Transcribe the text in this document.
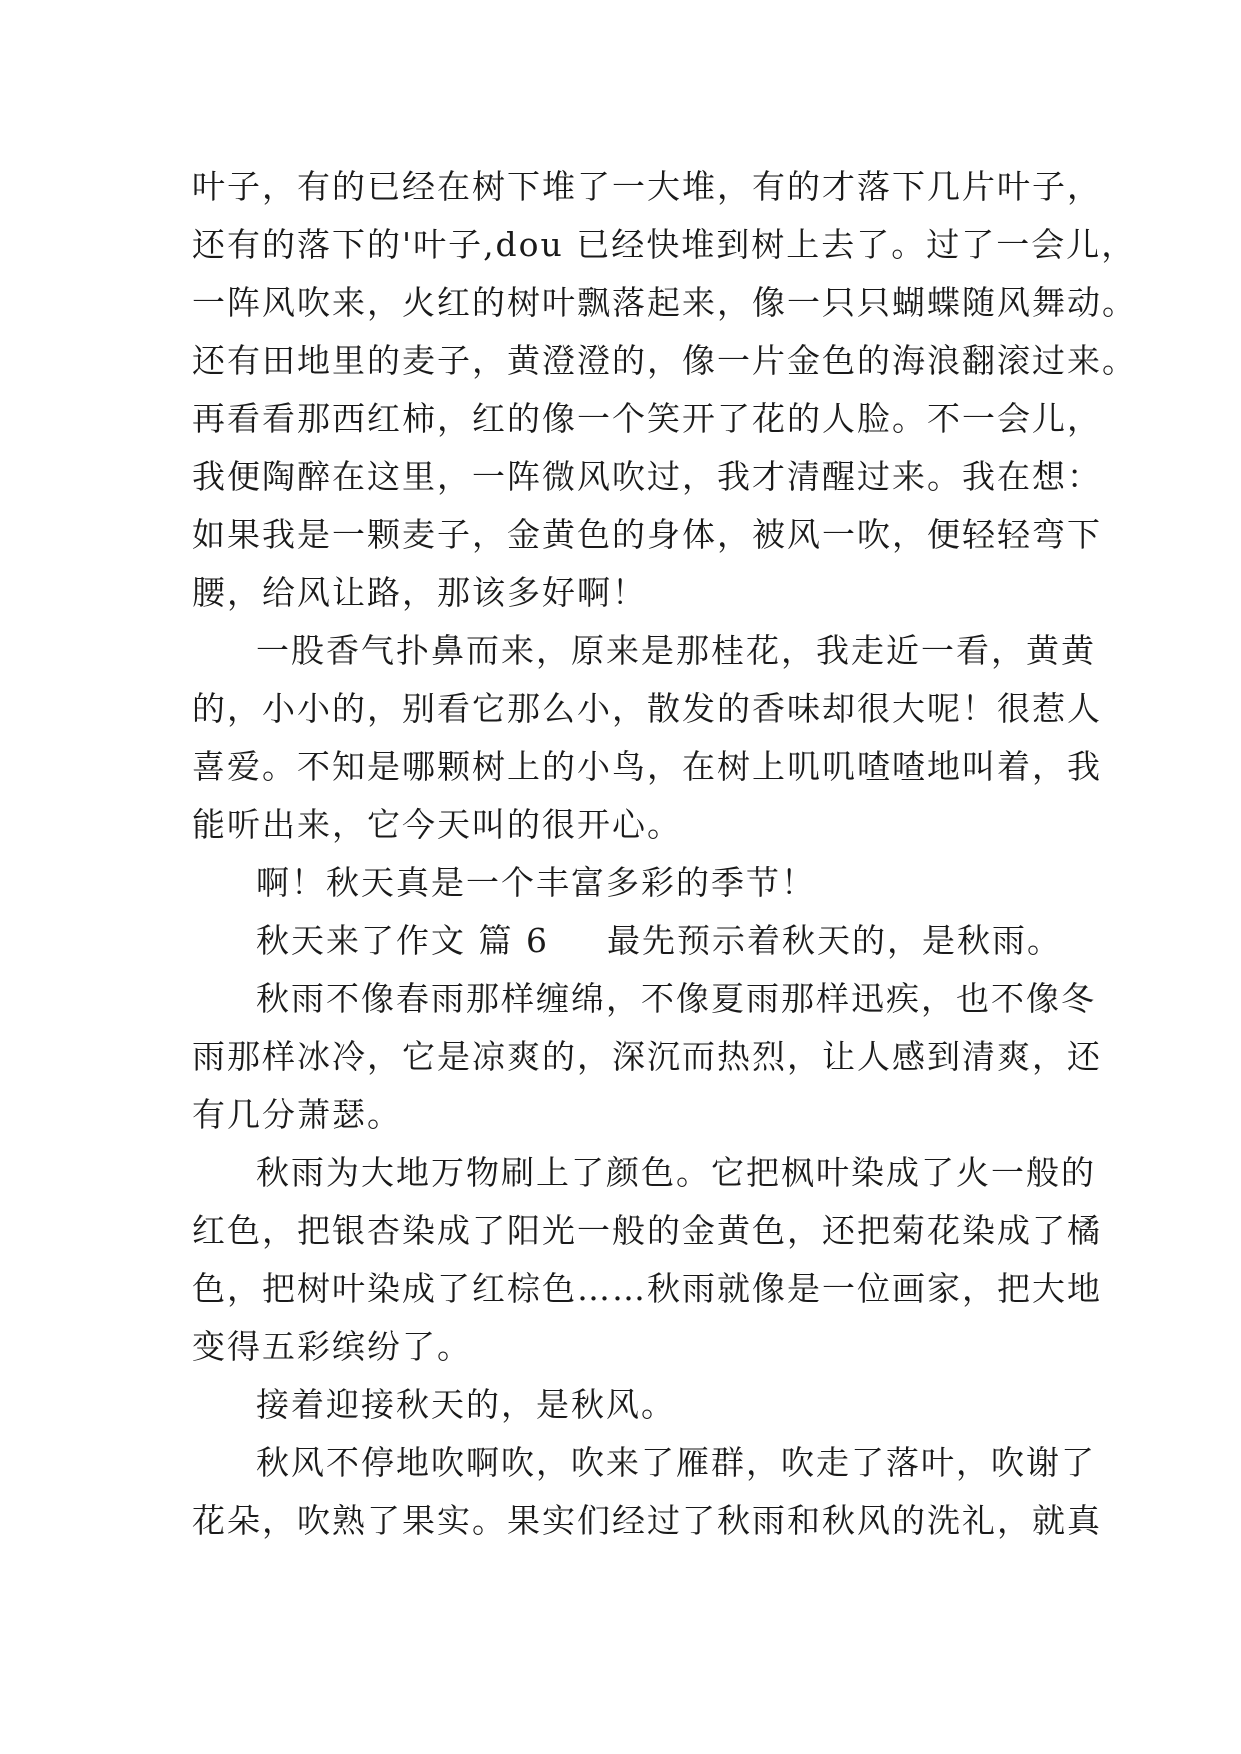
叶子，有的已经在树下堆了一大堆，有的才落下几片叶子，
还有的落下的'叶子,dou 已经快堆到树上去了。过了一会儿，
一阵风吹来，火红的树叶飘落起来，像一只只蝴蝶随风舞动。
还有田地里的麦子，黄澄澄的，像一片金色的海浪翻滚过来。
再看看那西红柿，红的像一个笑开了花的人脸。不一会儿，
我便陶醉在这里，一阵微风吹过，我才清醒过来。我在想：
如果我是一颗麦子，金黄色的身体，被风一吹，便轻轻弯下
腰，给风让路，那该多好啊！
一股香气扑鼻而来，原来是那桂花，我走近一看，黄黄
的，小小的，别看它那么小，散发的香味却很大呢！很惹人
喜爱。不知是哪颗树上的小鸟，在树上叽叽喳喳地叫着，我
能听出来，它今天叫的很开心。
啊！秋天真是一个丰富多彩的季节！
秋天来了作文 篇 6 最先预示着秋天的，是秋雨。
秋雨不像春雨那样缠绵，不像夏雨那样迅疾，也不像冬
雨那样冰冷，它是凉爽的，深沉而热烈，让人感到清爽，还
有几分萧瑟。
秋雨为大地万物刷上了颜色。它把枫叶染成了火一般的
红色，把银杏染成了阳光一般的金黄色，还把菊花染成了橘
色，把树叶染成了红棕色……秋雨就像是一位画家，把大地
变得五彩缤纷了。
接着迎接秋天的，是秋风。
秋风不停地吹啊吹，吹来了雁群，吹走了落叶，吹谢了
花朵，吹熟了果实。果实们经过了秋雨和秋风的洗礼，就真
